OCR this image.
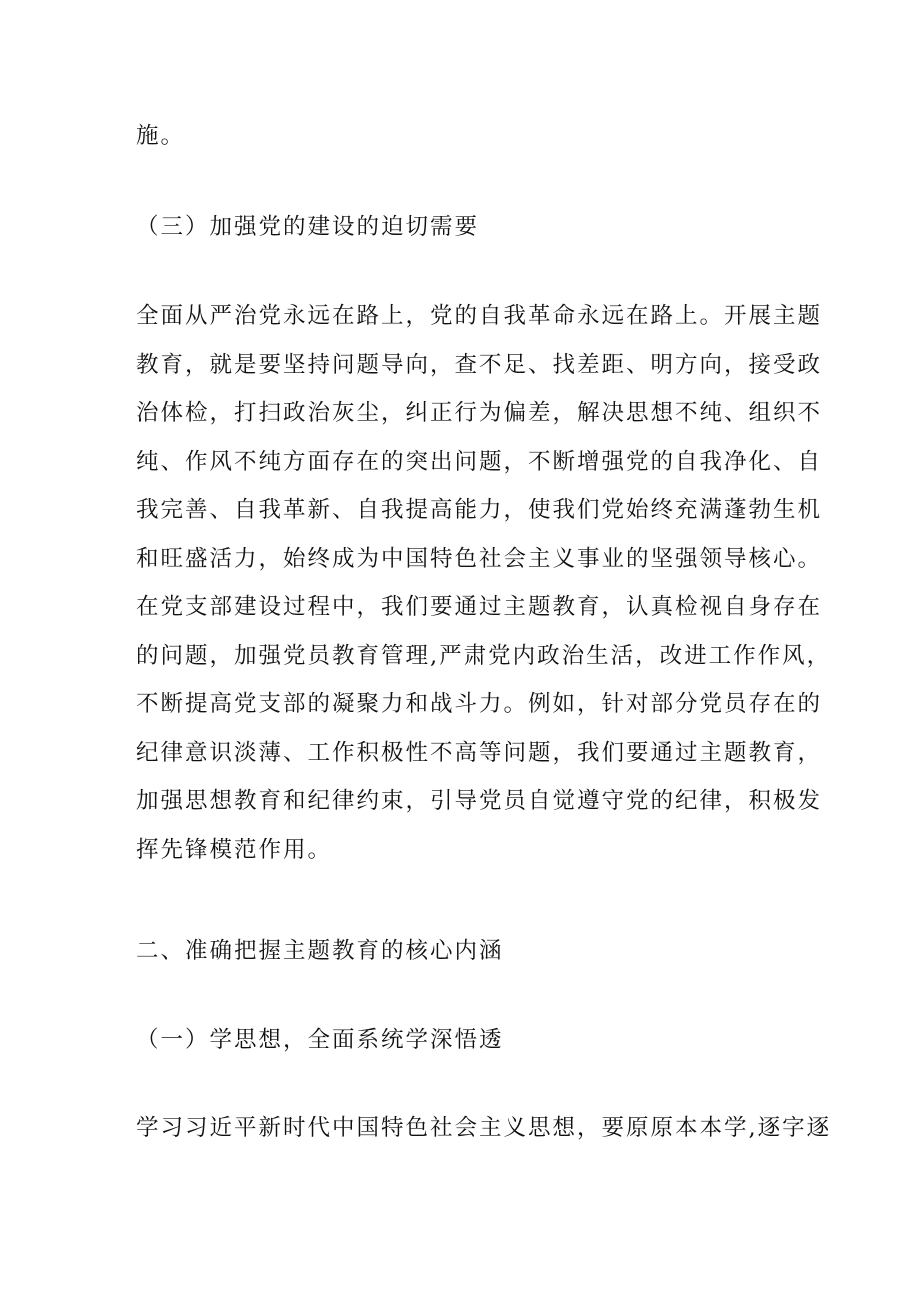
施。

（三）加强党的建设的迫切需要

全面从严治党永远在路上，党的自我革命永远在路上。开展主题
教育，就是要坚持问题导向，查不足、找差距、明方向，接受政
治体检，打扫政治灰尘，纠正行为偏差，解决思想不纯、组织不
纯、作风不纯方面存在的突出问题，不断增强党的自我净化、自
我完善、自我革新、自我提高能力，使我们党始终充满蓬勃生机
和旺盛活力，始终成为中国特色社会主义事业的坚强领导核心。
在党支部建设过程中，我们要通过主题教育，认真检视自身存在
的问题，加强党员教育管理,严肃党内政治生活，改进工作作风，
不断提高党支部的凝聚力和战斗力。例如，针对部分党员存在的
纪律意识淡薄、工作积极性不高等问题，我们要通过主题教育，
加强思想教育和纪律约束，引导党员自觉遵守党的纪律，积极发
挥先锋模范作用。

二、准确把握主题教育的核心内涵
（一）学思想，全面系统学深悟透

学习习近平新时代中国特色社会主义思想，要原原本本学,逐字逐
